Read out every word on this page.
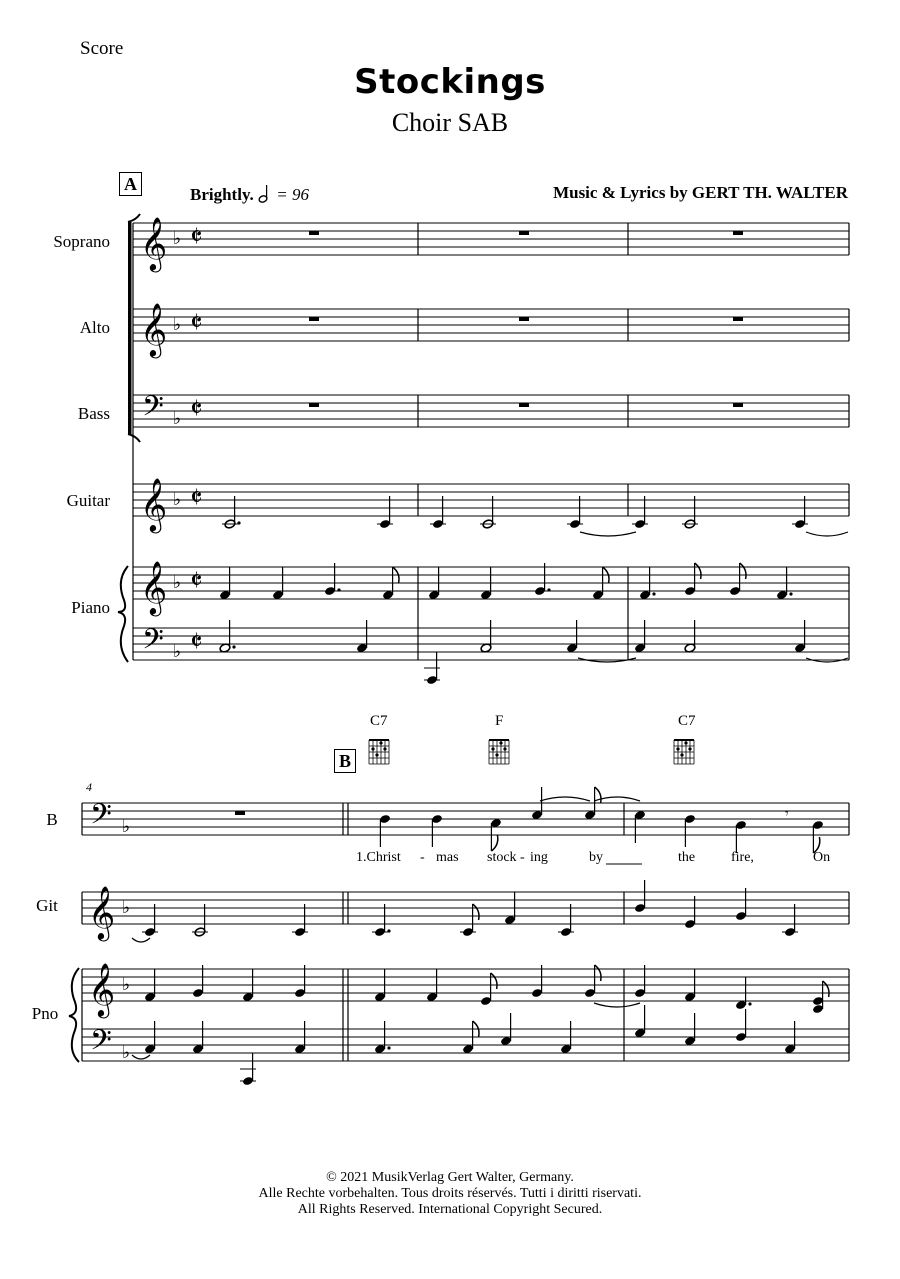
Score
Stockings
Choir SAB
Music & Lyrics by GERT TH. WALTER
A
Brightly. = 96
Soprano
Alto
Bass
Guitar
Piano
4
B
B
Git
Pno
C7	F	C7
1.Christ - mas stock - ing	by	the	fire,	On
© 2021 MusikVerlag Gert Walter, Germany.
Alle Rechte vorbehalten. Tous droits réservés. Tutti i diritti riservati.
All Rights Reserved. International Copyright Secured.
𝄞
𝄞
𝄞
𝄞
𝄢
𝄢
♭ 𝄵
♭ 𝄵
♭ 𝄵
♭ 𝄵
♭ 𝄵
♭ 𝄵
𝄢
𝄞
𝄞
𝄢
♭
♭
♭
♭
𝄾
